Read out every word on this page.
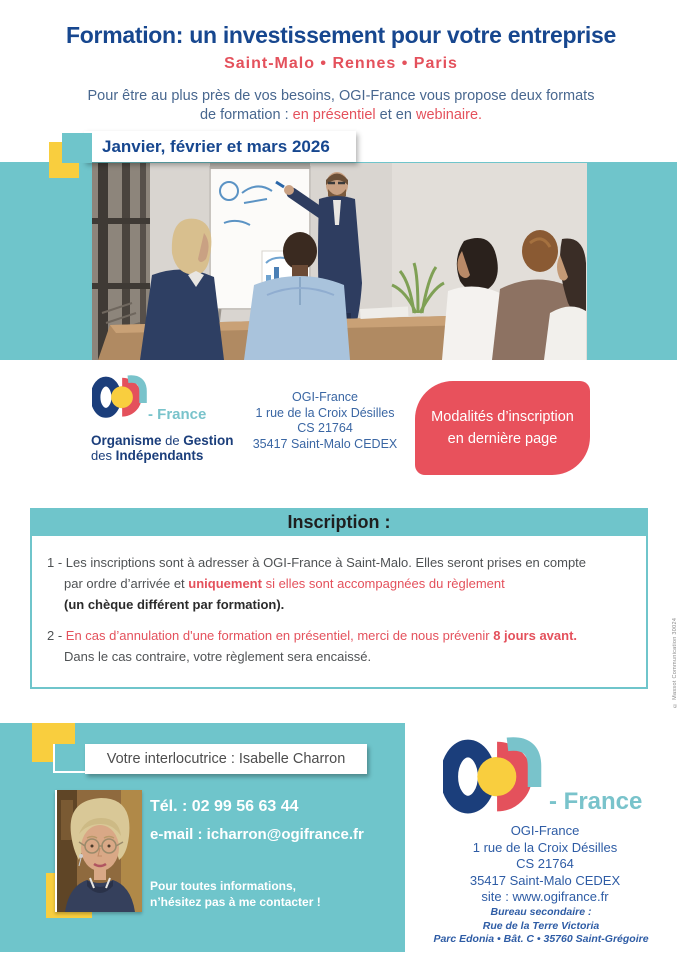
Formation: un investissement pour votre entreprise
Saint-Malo • Rennes • Paris
Pour être au plus près de vos besoins, OGI-France vous propose deux formats
de formation : en présentiel et en webinaire.
Janvier, février et mars 2026
- France
Organisme de Gestion
des Indépendants
OGI-France
1 rue de la Croix Désilles
CS 21764
35417 Saint-Malo CEDEX
Modalités d’inscription
en dernière page
Inscription :
1 - Les inscriptions sont à adresser à OGI-France à Saint-Malo. Elles seront prises en compte
par ordre d’arrivée et uniquement si elles sont accompagnées du règlement
(un chèque différent par formation).
2 - En cas d’annulation d'une formation en présentiel, merci de nous prévenir 8 jours avant.
Dans le cas contraire, votre règlement sera encaissé.	© Massot Communication 30024
Votre interlocutrice : Isabelle Charron
Tél. : 02 99 56 63 44
e-mail : icharron@ogifrance.fr
Pour toutes informations,
n’hésitez pas à me contacter !
- France
OGI-France
1 rue de la Croix Désilles
CS 21764
35417 Saint-Malo CEDEX
site : www.ogifrance.fr
Bureau secondaire :
Rue de la Terre Victoria
Parc Edonia • Bât. C • 35760 Saint-Grégoire
